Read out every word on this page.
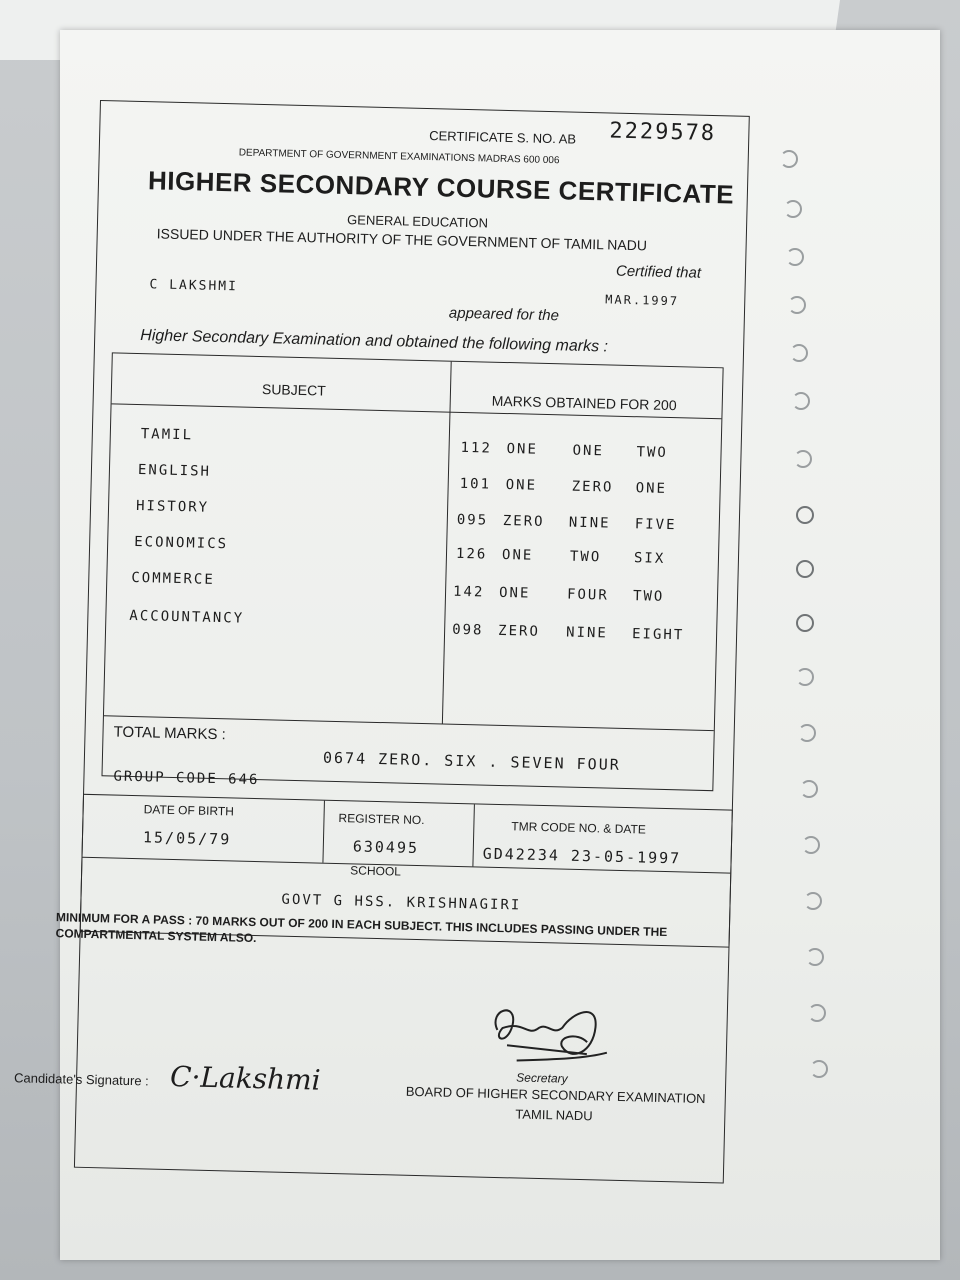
CERTIFICATE S. NO. AB 2229578
DEPARTMENT OF GOVERNMENT EXAMINATIONS MADRAS 600 006
HIGHER SECONDARY COURSE CERTIFICATE
GENERAL EDUCATION
ISSUED UNDER THE AUTHORITY OF THE GOVERNMENT OF TAMIL NADU
Certified that
C LAKSHMI
appeared for the
MAR.1997
Higher Secondary Examination and obtained the following marks :
SUBJECT
MARKS OBTAINED FOR 200
TAMIL
ENGLISH
HISTORY
ECONOMICS
COMMERCE
ACCOUNTANCY
112 ONE ONE TWO
101 ONE ZERO ONE
095 ZERO NINE FIVE
126 ONE	TWO SIX
142 ONE	FOUR TWO
098 ZERO NINE EIGHT
TOTAL MARKS :
0674 ZERO. SIX . SEVEN FOUR
GROUP CODE 646
DATE OF BIRTH
15/05/79
REGISTER NO.
630495
TMR CODE NO. & DATE
GD42234 23-05-1997
SCHOOL
GOVT G HSS. KRISHNAGIRI
MINIMUM FOR A PASS : 70 MARKS OUT OF 200 IN EACH SUBJECT. THIS INCLUDES PASSING UNDER THE COMPARTMENTAL SYSTEM ALSO.
Secretary
BOARD OF HIGHER SECONDARY EXAMINATION
TAMIL NADU
Candidate's Signature : C·Lakshmi
